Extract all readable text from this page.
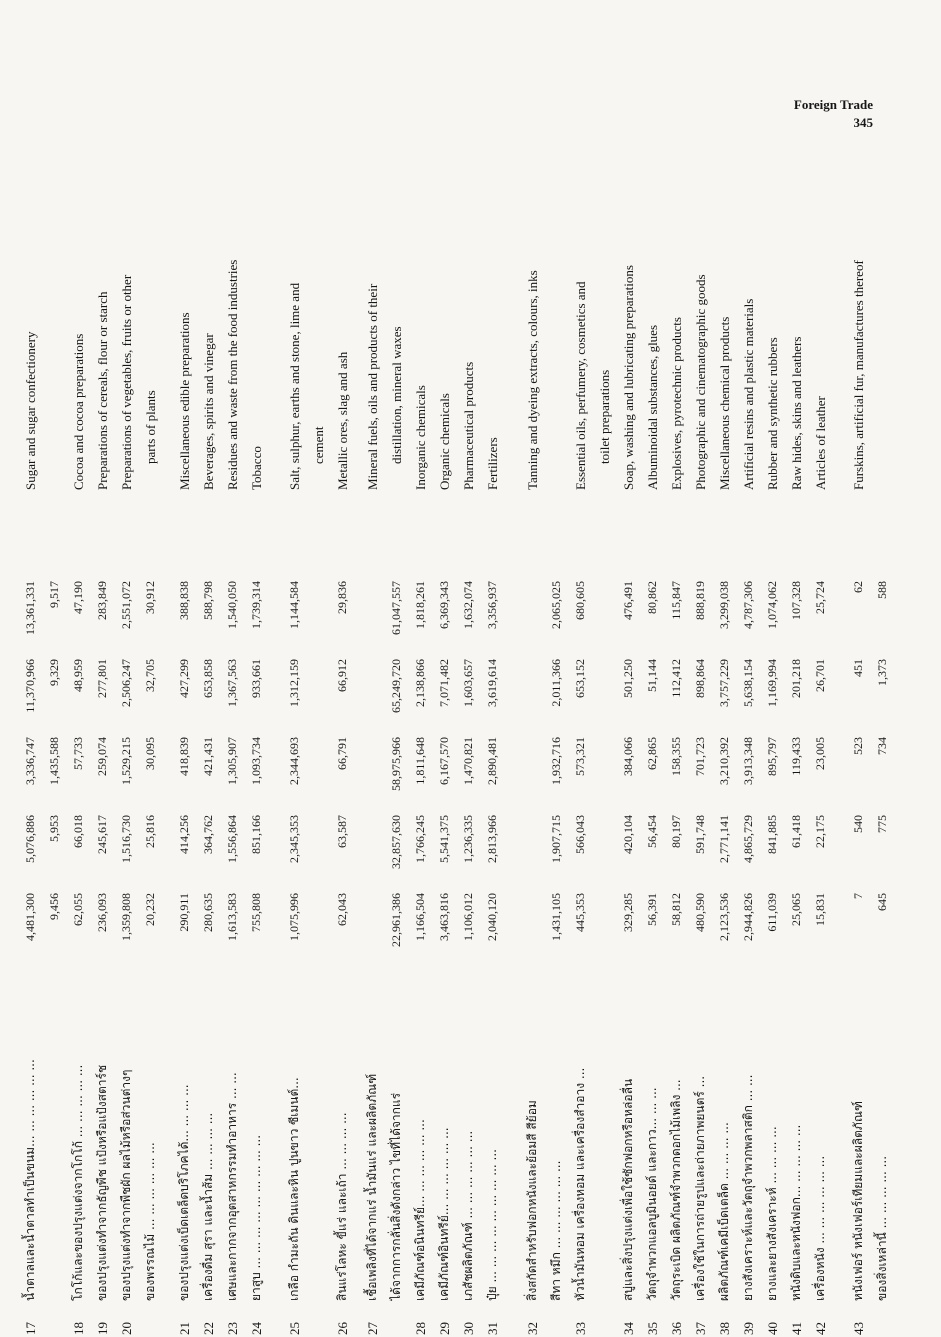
Foreign Trade
345
17
น้ำตาลและน้ำตาลทำเป็นขนม... ... ... ... ... ...
4,481,300
5,076,886
3,336,747
11,370,966
13,361,331
Sugar and sugar confectionery
9,456
5,953
1,435,588
9,329
9,517
18
โกโก้และของปรุงแต่งจากโกโก้ ... ... ... ... ...
62,055
66,018
57,733
48,959
47,190
Cocoa and cocoa preparations
19
ของปรุงแต่งทำจากธัญพืช แป้งหรือแป้งสตาร์ช
236,093
245,617
259,074
277,801
283,849
Preparations of cereals, flour or starch
20
ของปรุงแต่งทำจากพืชผัก ผลไม้หรือส่วนต่างๆ
1,359,808
1,516,730
1,529,215
2,506,247
2,551,072
Preparations of vegetables, fruits or other
ของพรรณไม้ ... ... ... ... ... ...
20,232
25,816
30,095
32,705
30,912
parts of plants
21
ของปรุงแต่งเบ็ดเตล็ดบริโภคได้... ... ... ...
290,911
414,256
418,839
427,299
388,838
Miscellaneous edible preparations
22
เครื่องดื่ม สุรา และน้ำส้ม ... ... ... ...
280,635
364,762
421,431
653,858
588,798
Beverages, spirits and vinegar
23
เศษและกากจากอุตสาหกรรมทำอาหาร ... ...
1,613,583
1,556,864
1,305,907
1,367,563
1,540,050
Residues and waste from the food industries
24
ยาสูบ ... ... ... ... ... ... ... ... ...
755,808
851,166
1,093,734
933,661
1,739,314
Tobacco
25
เกลือ กำมะถัน ดินและหิน ปูนขาว ซีเมนต์...
1,075,996
2,345,353
2,344,693
1,312,159
1,144,584
Salt, sulphur, earths and stone, lime and cement
26
สินแร่โลหะ ขี้แร่ และเถ้า ... ... ... ...
62,043
63,587
66,791
66,912
29,836
Metallic ores, slag and ash
27
เชื้อเพลิงที่ได้จากแร่ น้ำมันแร่ และผลิตภัณฑ์
Mineral fuels, oils and products of their
ได้จากการกลั่นสิ่งดังกล่าว ไขที่ได้จากแร่
22,961,386
32,857,630
58,975,966
65,249,720
61,047,557
distillation, mineral waxes
28
เคมีภัณฑ์อนินทรีย์... ... ... ... ... ...
1,166,504
1,766,245
1,811,648
2,138,866
1,818,261
Inorganic chemicals
29
เคมีภัณฑ์อินทรีย์... ... ... ... ... ...
3,463,816
5,541,375
6,167,570
7,071,482
6,369,343
Organic chemicals
30
เภสัชผลิตภัณฑ์ ... ... ... ... ... ...
1,106,012
1,236,335
1,470,821
1,603,657
1,632,074
Pharmaceutical products
31
ปุ๋ย ... ... ... ... ... ... ... ... ...
2,040,120
2,813,966
2,890,481
3,619,614
3,356,937
Fertilizers
32
สิ่งสกัดสำหรับฟอกหนังและย้อมสี สีย้อม
Tanning and dyeing extracts, colours, inks
สีทา หมึก ... ... ... ... ... ...
1,431,105
1,907,715
1,932,716
2,011,366
2,065,025
33
หัวน้ำมันหอม เครื่องหอม และเครื่องสำอาง ...
445,353
566,043
573,321
653,152
680,605
Essential oils, perfumery, cosmetics and toilet preparations
34
สบู่และสิ่งปรุงแต่งเพื่อใช้ซักฟอกหรือหล่อลื่น
329,285
420,104
384,066
501,250
476,491
Soap, washing and lubricating preparations
35
วัตถุจำพวกแอลบูมินอยด์ และกาว... ... ...
56,391
56,454
62,865
51,144
80,862
Albuminoidal substances, glues
36
วัตถุระเบิด ผลิตภัณฑ์จำพวกดอกไม้เพลิง ...
58,812
80,197
158,355
112,412
115,847
Explosives, pyrotechnic products
37
เครื่องใช้ในการถ่ายรูปและถ่ายภาพยนตร์ ...
480,590
591,748
701,723
898,864
888,819
Photographic and cinematographic goods
38
ผลิตภัณฑ์เคมีเบ็ดเตล็ด ... ... ... ...
2,123,536
2,771,141
3,210,392
3,757,229
3,299,038
Miscellaneous chemical products
39
ยางสังเคราะห์และวัตถุจำพวกพลาสติก ... ...
2,944,826
4,865,729
3,913,348
5,638,154
4,787,306
Artificial resins and plastic materials
40
ยางและยางสังเคราะห์ ... ... ... ...
611,039
841,885
895,797
1,169,994
1,074,062
Rubber and synthetic rubbers
41
หนังดิบและหนังฟอก... ... ... ... ...
25,065
61,418
119,433
201,218
107,328
Raw hides, skins and leathers
42
เครื่องหนัง ... ... ... ... ... ...
15,831
22,175
23,005
26,701
25,724
Articles of leather
43
หนังเฟอร์ หนังเฟอร์เทียมและผลิตภัณฑ์
7
540
523
451
62
Furskins, artificial fur, manufactures thereof
ของสิ่งเหล่านี้ ... ... ... ... ...
645
775
734
1,373
588
